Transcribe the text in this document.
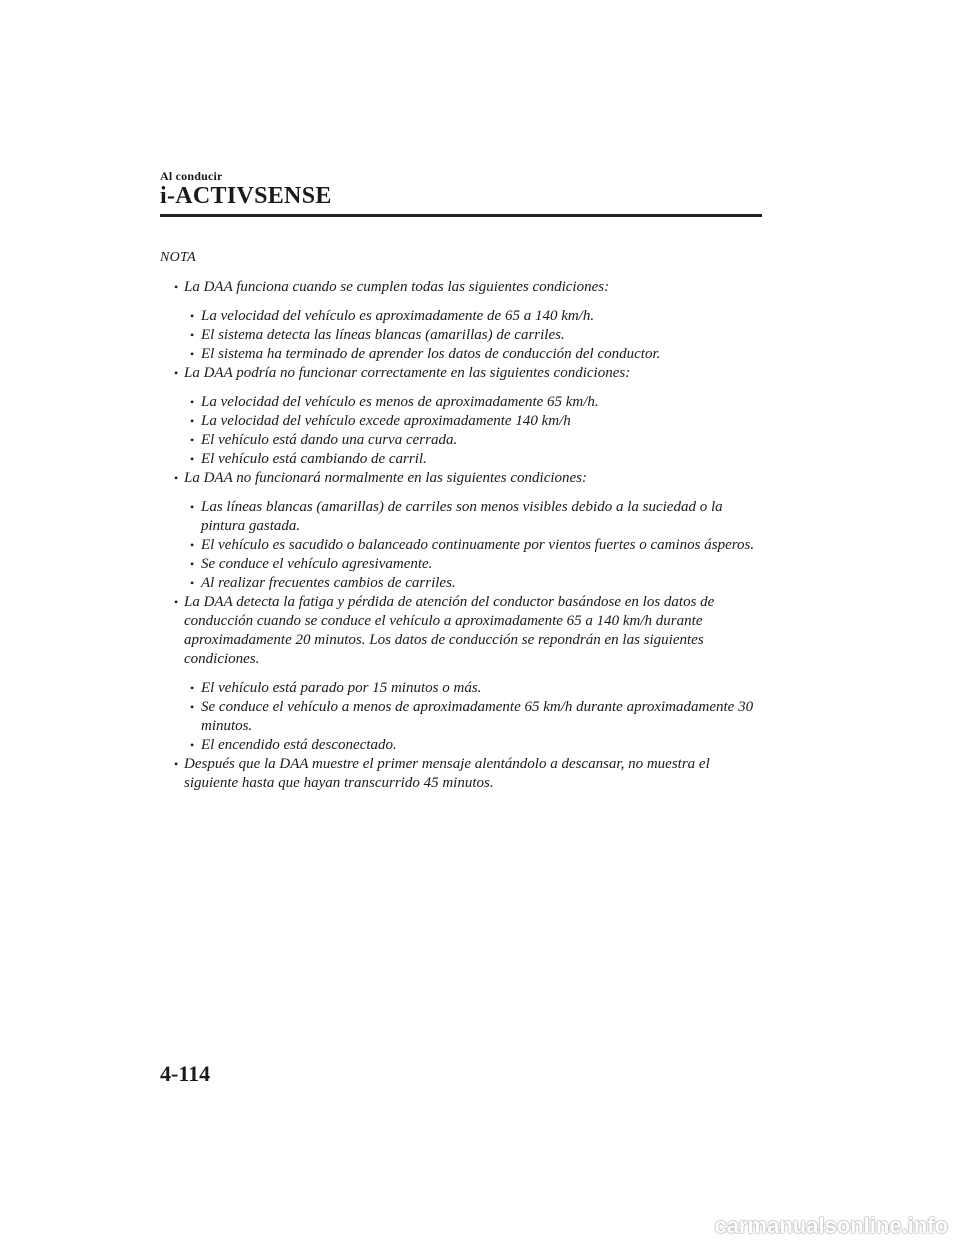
Al conducir
i-ACTIVSENSE
NOTA
• La DAA funciona cuando se cumplen todas las siguientes condiciones:
• La velocidad del vehículo es aproximadamente de 65 a 140 km/h.
• El sistema detecta las líneas blancas (amarillas) de carriles.
• El sistema ha terminado de aprender los datos de conducción del conductor.
• La DAA podría no funcionar correctamente en las siguientes condiciones:
• La velocidad del vehículo es menos de aproximadamente 65 km/h.
• La velocidad del vehículo excede aproximadamente 140 km/h
• El vehículo está dando una curva cerrada.
• El vehículo está cambiando de carril.
• La DAA no funcionará normalmente en las siguientes condiciones:
• Las líneas blancas (amarillas) de carriles son menos visibles debido a la suciedad o la pintura gastada.
• El vehículo es sacudido o balanceado continuamente por vientos fuertes o caminos ásperos.
• Se conduce el vehículo agresivamente.
• Al realizar frecuentes cambios de carriles.
• La DAA detecta la fatiga y pérdida de atención del conductor basándose en los datos de conducción cuando se conduce el vehículo a aproximadamente 65 a 140 km/h durante aproximadamente 20 minutos. Los datos de conducción se repondrán en las siguientes condiciones.
• El vehículo está parado por 15 minutos o más.
• Se conduce el vehículo a menos de aproximadamente 65 km/h durante aproximadamente 30 minutos.
• El encendido está desconectado.
• Después que la DAA muestre el primer mensaje alentándolo a descansar, no muestra el siguiente hasta que hayan transcurrido 45 minutos.
4-114
carmanualsonline.info
